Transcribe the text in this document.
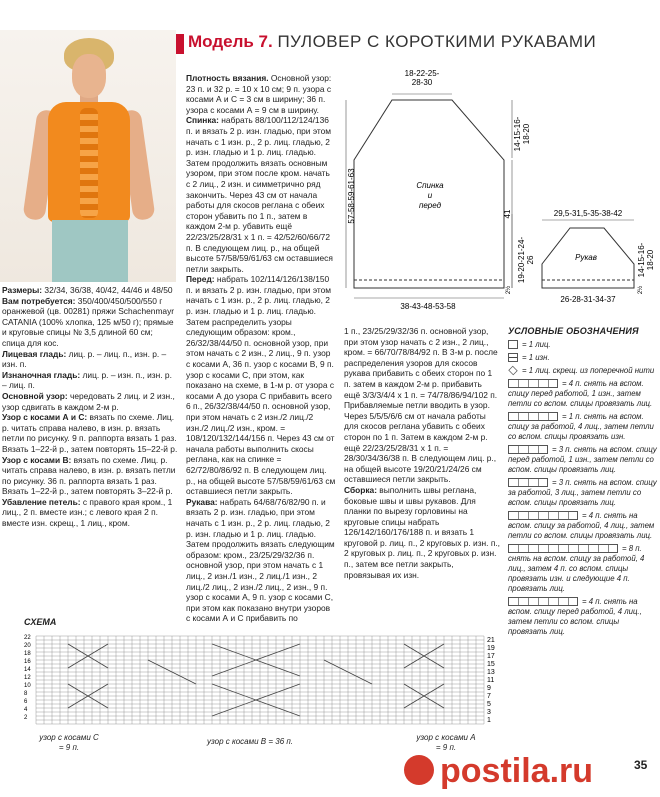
Модель 7. ПУЛОВЕР С КОРОТКИМИ РУКАВАМИ

Размеры: 32/34, 36/38, 40/42, 44/46 и 48/50

Вам потребуется: 350/400/450/500/550 г оранжевой (цв. 00281) пряжи Schachenmayr CATANIA (100% хлопка, 125 м/50 г); прямые и круговые спицы № 3,5 длиной 60 см; спица для кос.

Лицевая гладь: лиц. р. – лиц. п., изн. р. – изн. п.

Изнаночная гладь: лиц. р. – изн. п., изн. р. – лиц. п.

Основной узор: чередовать 2 лиц. и 2 изн., узор сдвигать в каждом 2-м р.

Узор с косами А и С: вязать по схеме. Лиц. р. читать справа налево, в изн. р. вязать петли по рисунку. 9 п. раппорта вязать 1 раз. Вязать 1–22-й р., затем повторять 15–22-й р.

Узор с косами В: вязать по схеме. Лиц. р. читать справа налево, в изн. р. вязать петли по рисунку. 36 п. раппорта вязать 1 раз. Вязать 1–22-й р., затем повторять 3–22-й р.

Убавление петель: с правого края кром., 1 лиц., 2 п. вместе изн.; с левого края 2 п. вместе изн. скрещ., 1 лиц., кром.

Плотность вязания. Основной узор: 23 п. и 32 р. = 10 х 10 см; 9 п. узора с косами А и С = 3 см в ширину; 36 п. узора с косами А = 9 см в ширину.

Спинка: набрать 88/100/112/124/136 п. и вязать 2 р. изн. гладью, при этом начать с 1 изн. р., 2 р. лиц. гладью, 2 р. изн. гладью и 1 р. лиц. гладью. Затем продолжить вязать основным узором, при этом после кром. начать с 2 лиц., 2 изн. и симметрично ряд закончить. Через 43 см от начала работы для скосов реглана с обеих сторон убавить по 1 п., затем в каждом 2-м р. убавить ещё 22/23/25/28/31 х 1 п. = 42/52/60/66/72 п. В следующем лиц. р., на общей высоте 57/58/59/61/63 см оставшиеся петли закрыть.

Перед: набрать 102/114/126/138/150 п. и вязать 2 р. изн. гладью, при этом начать с 1 изн. р., 2 р. лиц. гладью, 2 р. изн. гладью и 1 р. лиц. гладью. Затем распределить узоры следующим образом: кром., 26/32/38/44/50 п. основной узор, при этом начать с 2 изн., 2 лиц., 9 п. узор с косами А, 36 п. узор с косами В, 9 п. узор с косами С, при этом, как показано на схеме, в 1-м р. от узора с косами А до узора С прибавить всего 6 п., 26/32/38/44/50 п. основной узор, при этом начать с 2 изн./2 лиц./2 изн./2 лиц./2 изн., кром. = 108/120/132/144/156 п. Через 43 см от начала работы выполнить скосы реглана, как на спинке = 62/72/80/86/92 п. В следующем лиц. р., на общей высоте 57/58/59/61/63 см оставшиеся петли закрыть.

Рукава: набрать 64/68/76/82/90 п. и вязать 2 р. изн. гладью, при этом начать с 1 изн. р., 2 р. лиц. гладью, 2 р. изн. гладью и 1 р. лиц. гладью. Затем продолжить вязать следующим образом: кром., 23/25/29/32/36 п. основной узор, при этом начать с 1 лиц., 2 изн./1 изн., 2 лиц./1 изн., 2 лиц./2 лиц., 2 изн./2 лиц., 2 изн., 9 п. узор с косами А, 9 п. узор с косами С, при этом как показано внутри узоров с косами А и С прибавить по

1 п., 23/25/29/32/36 п. основной узор, при этом узор начать с 2 изн., 2 лиц., кром. = 66/70/78/84/92 п. В 3-м р. после распределения узоров для скосов рукава прибавить с обеих сторон по 1 п. затем в каждом 2-м р. прибавить ещё 3/3/3/4/4 х 1 п. = 74/78/86/94/102 п. Прибавляемые петли вводить в узор. Через 5/5/5/6/6 см от начала работы для скосов реглана убавить с обеих сторон по 1 п. Затем в каждом 2-м р. ещё 22/23/25/28/31 х 1 п. = 28/30/34/36/38 п. В следующем лиц. р., на общей высоте 19/20/21/24/26 см оставшиеся петли закрыть.

Сборка: выполнить швы реглана, боковые швы и швы рукавов. Для планки по вырезу горловины на круговые спицы набрать 126/142/160/176/188 п. и вязать 1 круговой р. лиц. п., 2 круговых р. изн. п., 2 круговых р. лиц. п., 2 круговых р. изн. п., затем все петли закрыть, провязывая их изн.

18-22-25-28-30
14-15-16-18-20
57-58-59-61-63	41
Спинка и перед
38-43-48-53-58
2½
29,5-31,5-35-38-42
14-15-16-18-20
19-20-21-24-26	Рукав
26-28-31-34-37
2½
УСЛОВНЫЕ ОБОЗНАЧЕНИЯ
= 1 лиц.
= 1 изн.
= 1 лиц. скрещ. из поперечной нити
= 4 п. снять на вспом. спицу перед работой, 1 изн., затем петли со вспом. спицы провязать лиц.
= 1 п. снять на вспом. спицу за работой, 4 лиц., затем петли со вспом. спицы провязать изн.
= 3 п. снять на вспом. спицу перед работой, 1 изн., затем петли со вспом. спицы провязать лиц.
= 3 п. снять на вспом. спицу за работой, 3 лиц., затем петли со вспом. спицы провязать лиц.
= 4 п. снять на вспом. спицу за работой, 4 лиц., затем петли со вспом. спицы провязать лиц.
= 8 п. снять на вспом. спицу за работой, 4 лиц., затем 4 п. со вспом. спицы провязать изн. и следующие 4 п. провязать лиц.
= 4 п. снять на вспом. спицу перед работой, 4 лиц., затем петли со вспом. спицы провязать лиц.
СХЕМА
21
19
17
15
13
11
9
7
5
3
1
22
20
18
16
14
12
10
8
6
4
2
узор с косами С
= 9 п.
узор с косами В = 36 п.	узор с косами А
= 9 п.
postila.ru	35
